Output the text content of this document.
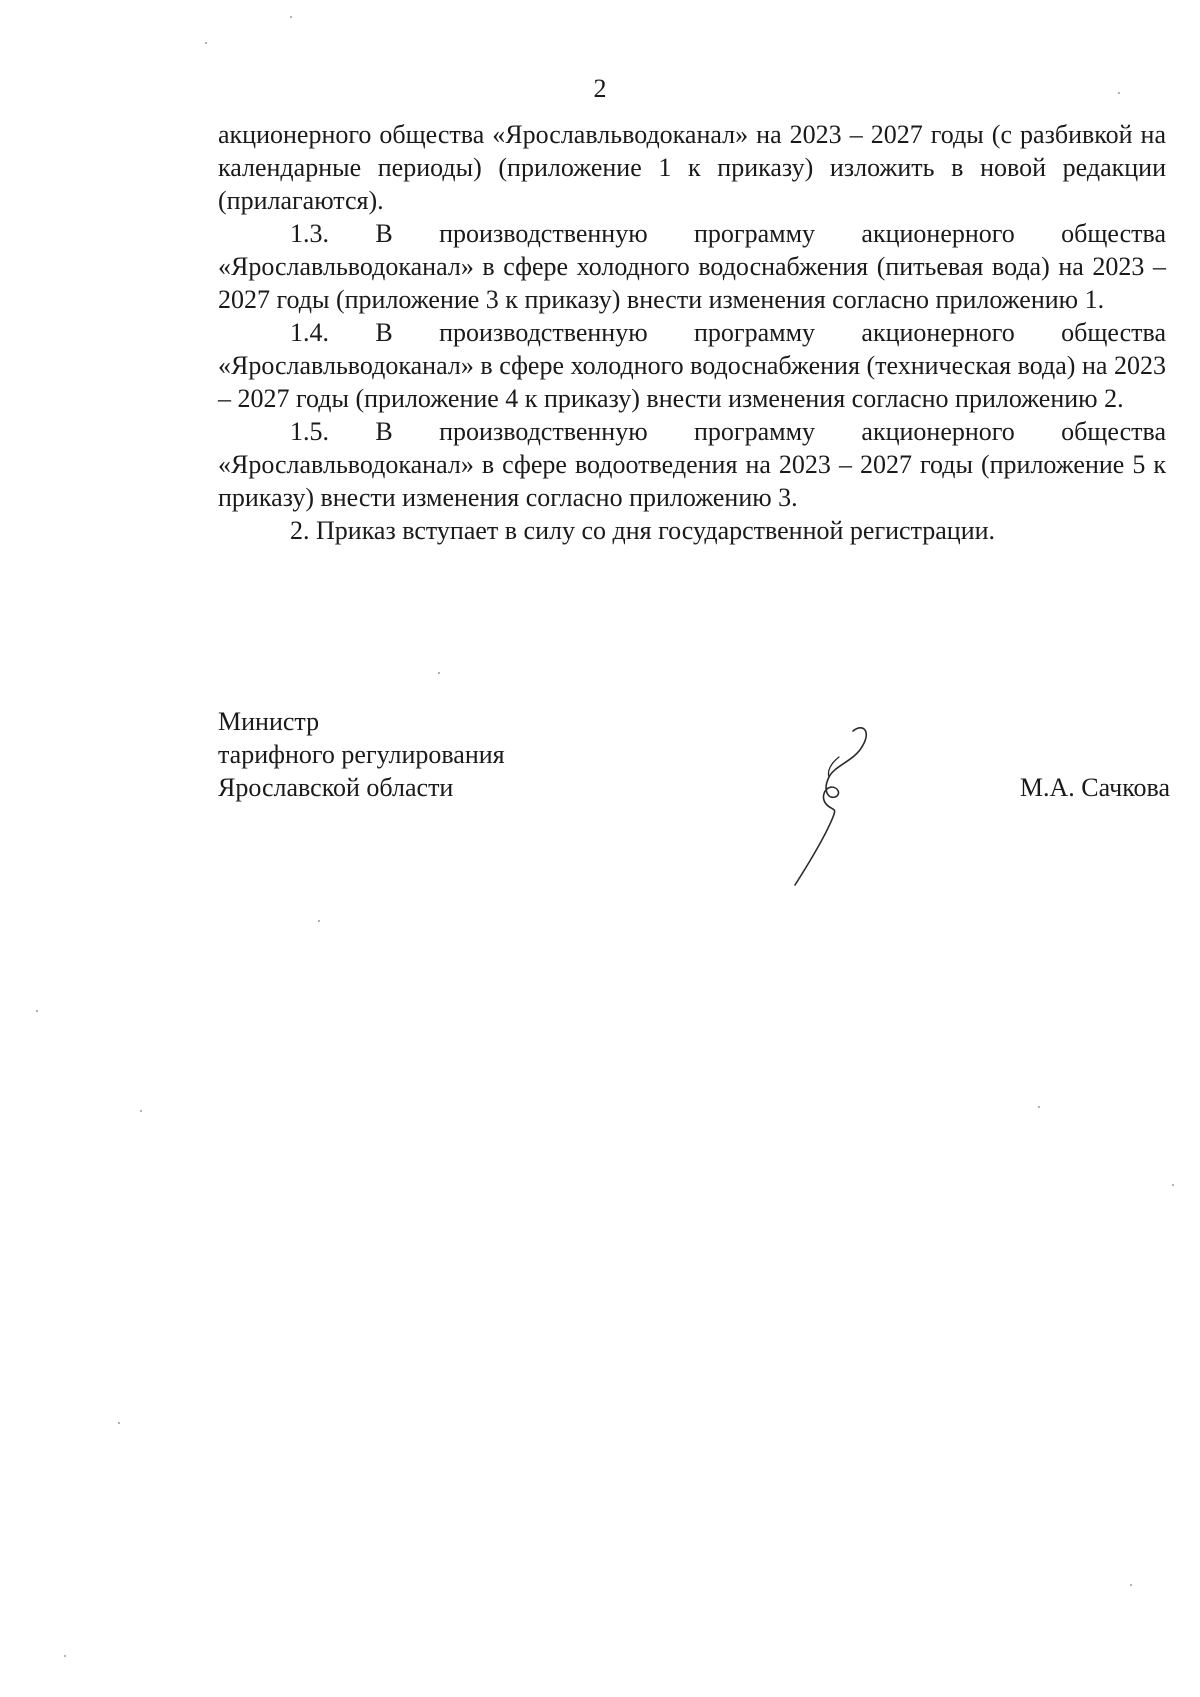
2

акционерного общества «Ярославльводоканал» на 2023 – 2027 годы (с разбивкой на календарные периоды) (приложение 1 к приказу) изложить в новой редакции (прилагаются).

1.3. В производственную программу акционерного общества «Ярославльводоканал» в сфере холодного водоснабжения (питьевая вода) на 2023 – 2027 годы (приложение 3 к приказу) внести изменения согласно приложению 1.

1.4. В производственную программу акционерного общества «Ярославльводоканал» в сфере холодного водоснабжения (техническая вода) на 2023 – 2027 годы (приложение 4 к приказу) внести изменения согласно приложению 2.

1.5. В производственную программу акционерного общества «Ярославльводоканал» в сфере водоотведения на 2023 – 2027 годы (приложение 5 к приказу) внести изменения согласно приложению 3.

2. Приказ вступает в силу со дня государственной регистрации.

Министр
тарифного регулирования
Ярославской области	М.А. Сачкова
